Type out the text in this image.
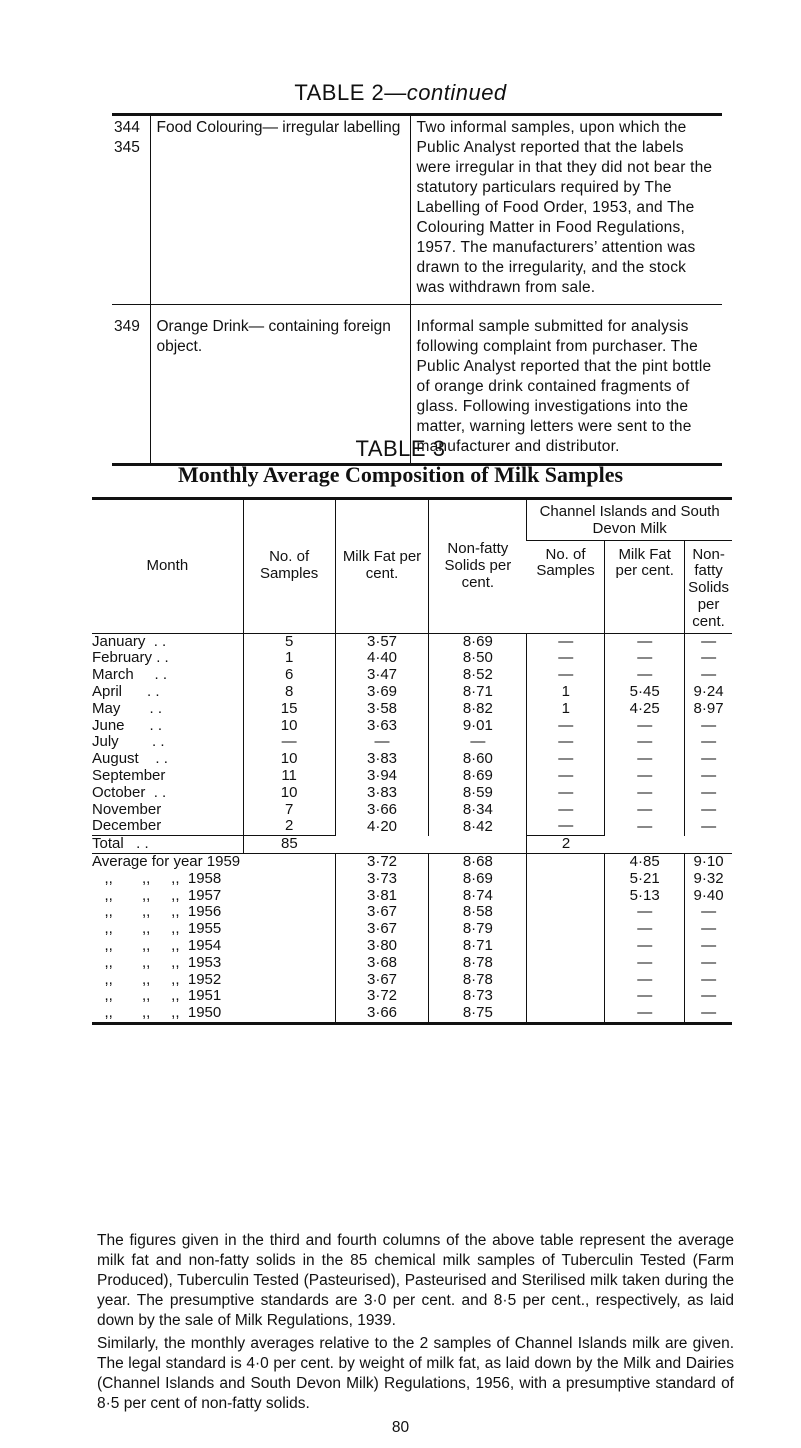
TABLE 2—continued
344
345	Food Colouring— irregular labelling	Two informal samples, upon which the Public Analyst reported that the labels were irregular in that they did not bear the statutory particulars required by The Labelling of Food Order, 1953, and The Colouring Matter in Food Regulations, 1957. The manufacturers’ attention was drawn to the irregularity, and the stock was withdrawn from sale.

349	Orange Drink— containing foreign object.	Informal sample submitted for analysis following complaint from purchaser. The Public Analyst reported that the pint bottle of orange drink contained fragments of glass. Following investigations into the matter, warning letters were sent to the manufacturer and distributor.
TABLE 3
Monthly Average Composition of Milk Samples
Month	No. of Samples	Milk Fat per cent.	Non-fatty Solids per cent.	Channel Islands and South Devon Milk		
				No. of Samples	Milk Fat per cent.	Non-fatty Solids per cent.
January  . .	5	3·57	8·69	—	—	—
February . .	1	4·40	8·50	—	—	—
March     . .	6	3·47	8·52	—	—	—
April      . .	8	3·69	8·71	1	5·45	9·24
May       . .	15	3·58	8·82	1	4·25	8·97
June      . .	10	3·63	9·01	—	—	—
July        . .	—	—	—	—	—	—
August    . .	10	3·83	8·60	—	—	—
September	11	3·94	8·69	—	—	—
October  . .	10	3·83	8·59	—	—	—
November	7	3·66	8·34	—	—	—
December	2	4·20	8·42	—	—	—
Total   . .	85			2		
Average for year 1959		3·72	8·68		4·85	9·10
,,       ,,     ,,  1958		3·73	8·69		5·21	9·32
,,       ,,     ,,  1957		3·81	8·74		5·13	9·40
,,       ,,     ,,  1956		3·67	8·58		—	—
,,       ,,     ,,  1955		3·67	8·79		—	—
,,       ,,     ,,  1954		3·80	8·71		—	—
,,       ,,     ,,  1953		3·68	8·78		—	—
,,       ,,     ,,  1952		3·67	8·78		—	—
,,       ,,     ,,  1951		3·72	8·73		—	—
,,       ,,     ,,  1950		3·66	8·75		—	—

The figures given in the third and fourth columns of the above table represent the average milk fat and non-fatty solids in the 85 chemical milk samples of Tuberculin Tested (Farm Produced), Tuberculin Tested (Pasteurised), Pasteurised and Sterilised milk taken during the year. The presumptive standards are 3·0 per cent. and 8·5 per cent., respectively, as laid down by the sale of Milk Regulations, 1939.

Similarly, the monthly averages relative to the 2 samples of Channel Islands milk are given. The legal standard is 4·0 per cent. by weight of milk fat, as laid down by the Milk and Dairies (Channel Islands and South Devon Milk) Regulations, 1956, with a presumptive standard of 8·5 per cent of non-fatty solids.

80
